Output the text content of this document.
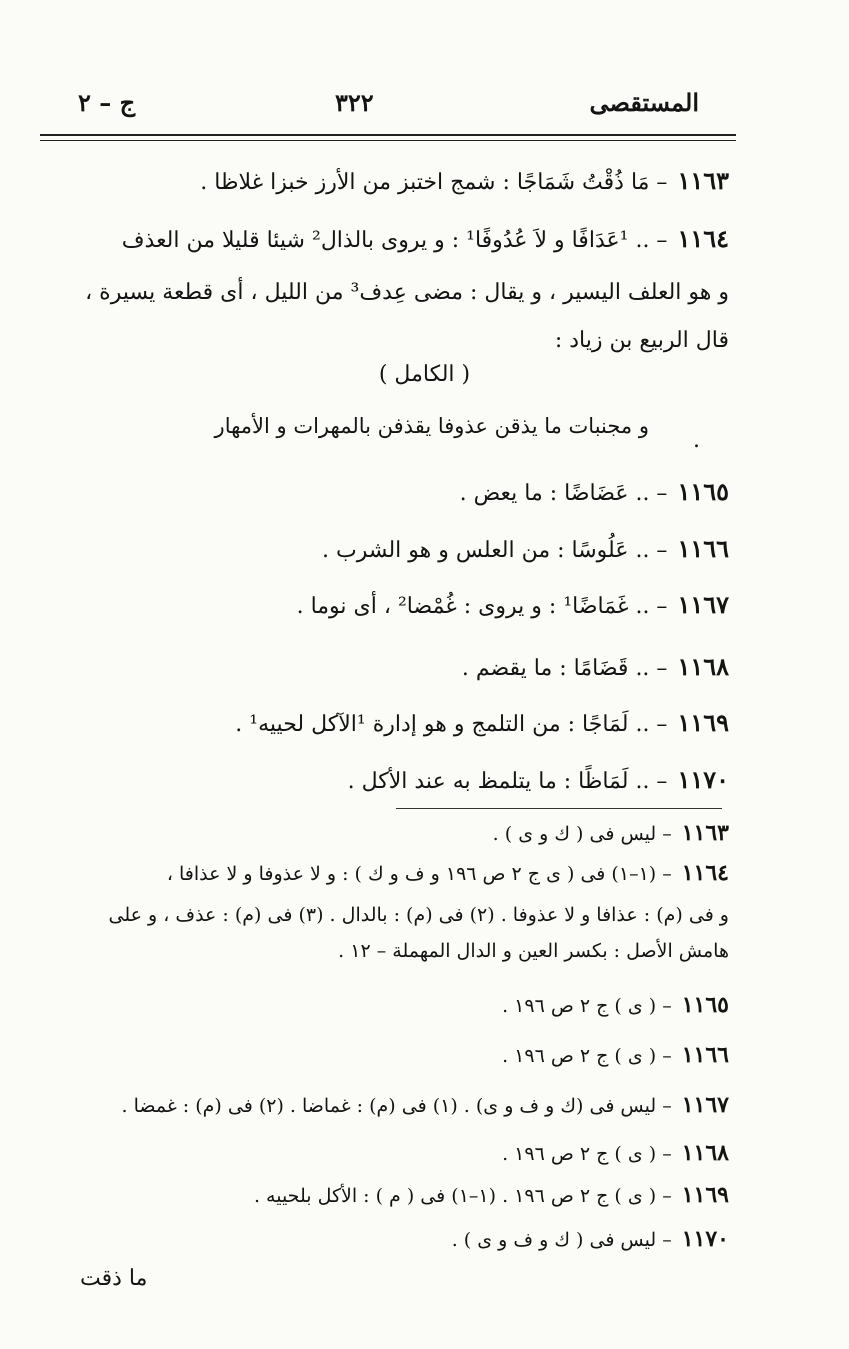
المستقصى
٣٢٢
ج – ٢
١١٦٣– مَا ذُقْتُ شَمَاجًا : شمج اختبز من الأرز خبزا غلاظا .
١١٦٤– .. ¹عَدَافًا و لاَ عُدُوفًا¹ : و يروى بالذال² شيئا قليلا من العذف
و هو العلف اليسير ، و يقال : مضى عِدف³ من الليل ، أى قطعة يسيرة ،
قال الربيع بن زياد :
( الكامل )
و مجنبات ما يذقن عذوفا يقذفن بالمهرات و الأمهار
.
١١٦٥– .. عَضَاضًا : ما يعض .
١١٦٦– .. عَلُوسًا : من العلس و هو الشرب .
١١٦٧– .. غَمَاضًا¹ : و يروى : غُمْضا² ، أى نوما .
١١٦٨– .. قَضَامًا : ما يقضم .
١١٦٩– .. لَمَاجًا : من التلمج و هو إدارة ¹الآكل لحييه¹ .
١١٧٠– .. لَمَاظًا : ما يتلمظ به عند الأكل .
١١٦٣– ليس فى ( ك و ى ) .
١١٦٤– (١–١) فى ( ى ج ٢ ص ١٩٦ و ف و ك ) : و لا عذوفا و لا عذافا ،
و فى (م) : عذافا و لا عذوفا . (٢) فى (م) : بالدال . (٣) فى (م) : عذف ، و على
هامش الأصل : بكسر العين و الدال المهملة – ١٢ .
١١٦٥– ( ى ) ج ٢ ص ١٩٦ .
١١٦٦– ( ى ) ج ٢ ص ١٩٦ .
١١٦٧– ليس فى (ك و ف و ى) . (١) فى (م) : غماضا . (٢) فى (م) : غمضا .
١١٦٨– ( ى ) ج ٢ ص ١٩٦ .
١١٦٩– ( ى ) ج ٢ ص ١٩٦ . (١–١) فى ( م ) : الأكل بلحييه .
١١٧٠– ليس فى ( ك و ف و ى ) .
ما ذقت
